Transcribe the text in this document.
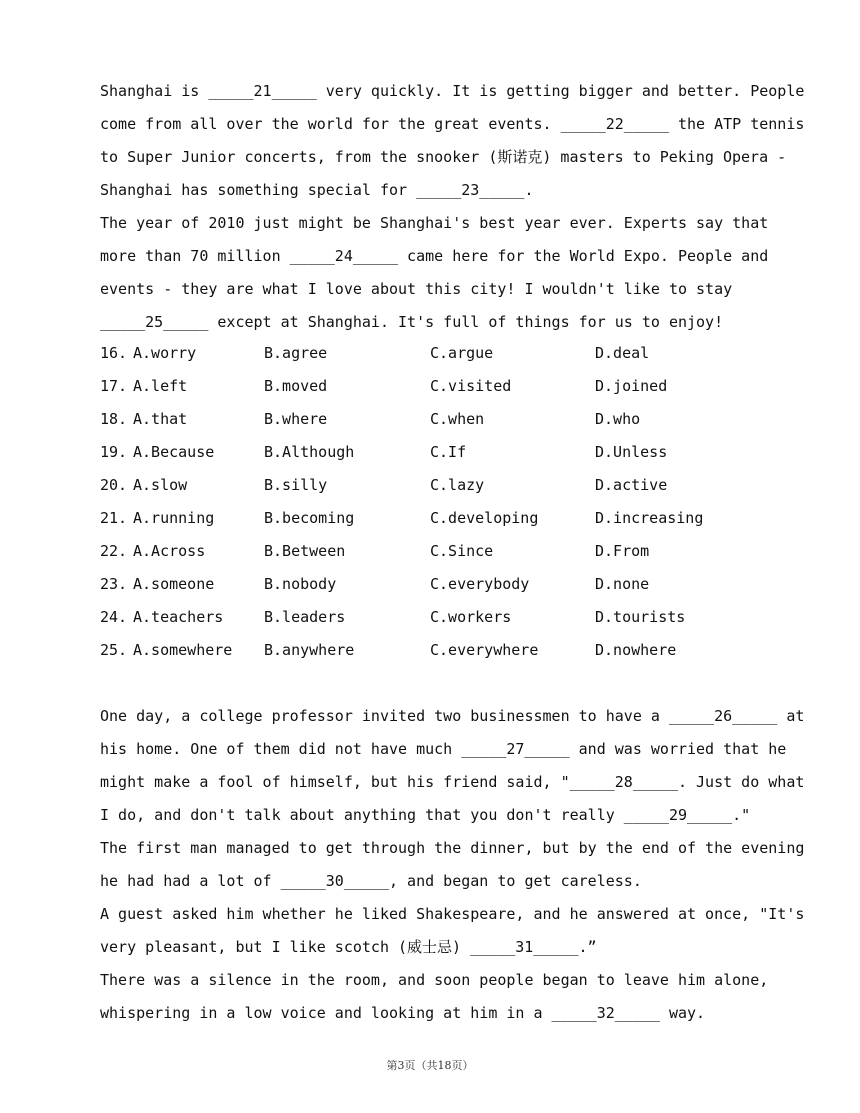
Shanghai is _____21_____ very quickly. It is getting bigger and better. People
come from all over the world for the great events. _____22_____ the ATP tennis
to Super Junior concerts, from the snooker (斯诺克) masters to Peking Opera -
Shanghai has something special for _____23_____.
The year of 2010 just might be Shanghai's best year ever. Experts say that
more than 70 million _____24_____ came here for the World Expo. People and
events - they are what I love about this city! I wouldn't like to stay
_____25_____ except at Shanghai. It's full of things for us to enjoy!
16. A.worry	B.agree	C.argue	D.deal
17. A.left	B.moved	C.visited	D.joined
18. A.that	B.where	C.when	D.who
19. A.Because	B.Although	C.If	D.Unless
20. A.slow	B.silly	C.lazy	D.active
21. A.running	B.becoming	C.developing	D.increasing
22. A.Across	B.Between	C.Since	D.From
23. A.someone	B.nobody	C.everybody	D.none
24. A.teachers	B.leaders	C.workers	D.tourists
25. A.somewhere B.anywhere	C.everywhere	D.nowhere
One day, a college professor invited two businessmen to have a _____26_____ at
his home. One of them did not have much _____27_____ and was worried that he
might make a fool of himself, but his friend said, "_____28_____. Just do what
I do, and don't talk about anything that you don't really _____29_____."
The first man managed to get through the dinner, but by the end of the evening
he had had a lot of _____30_____, and began to get careless.
A guest asked him whether he liked Shakespeare, and he answered at once, "It's
very pleasant, but I like scotch (威士忌) _____31_____.”
There was a silence in the room, and soon people began to leave him alone,
whispering in a low voice and looking at him in a _____32_____ way.
第3页（共18页）
